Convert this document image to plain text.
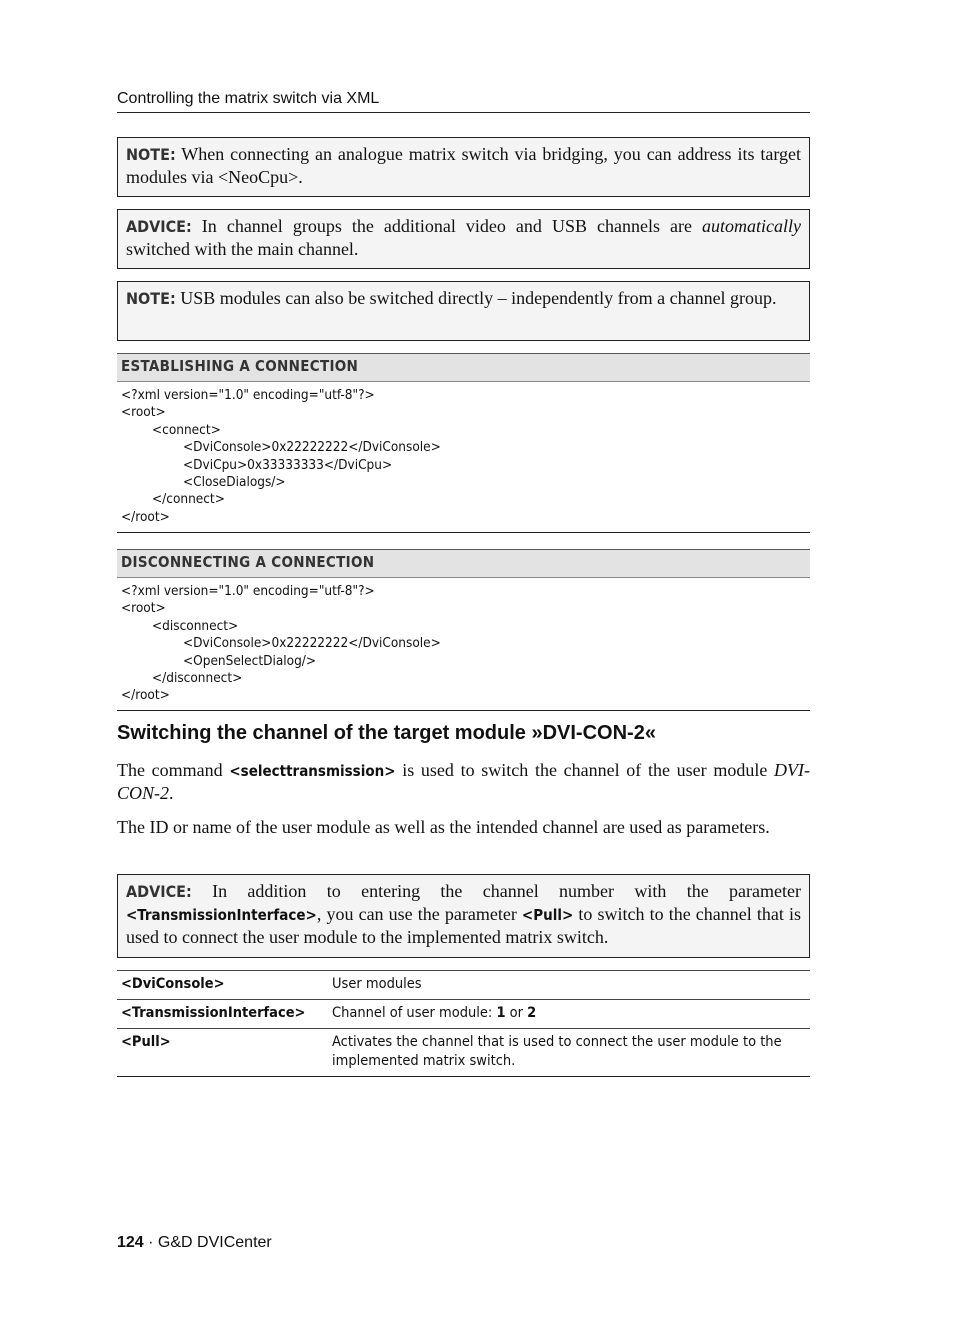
Controlling the matrix switch via XML
NOTE: When connecting an analogue matrix switch via bridging, you can address its target modules via <NeoCpu>.
ADVICE: In channel groups the additional video and USB channels are automatically switched with the main channel.
NOTE: USB modules can also be switched directly – independently from a channel group.
ESTABLISHING A CONNECTION
<?xml version="1.0" encoding="utf-8"?>
<root>
<connect>
<DviConsole>0x22222222</DviConsole>
<DviCpu>0x33333333</DviCpu>
<CloseDialogs/>
</connect>
</root>
DISCONNECTING A CONNECTION
<?xml version="1.0" encoding="utf-8"?>
<root>
<disconnect>
<DviConsole>0x22222222</DviConsole>
<OpenSelectDialog/>
</disconnect>
</root>
Switching the channel of the target module »DVI-CON-2«

The command <selecttransmission> is used to switch the channel of the user module DVI-CON-2.

The ID or name of the user module as well as the intended channel are used as parameters.

ADVICE: In addition to entering the channel number with the parameter <TransmissionInterface>, you can use the parameter <Pull> to switch to the channel that is used to connect the user module to the implemented matrix switch.
<DviConsole>	User modules
<TransmissionInterface>	Channel of user module: 1 or 2
<Pull>	Activates the channel that is used to connect the user module to the implemented matrix switch.
124 · G&D DVICenter
